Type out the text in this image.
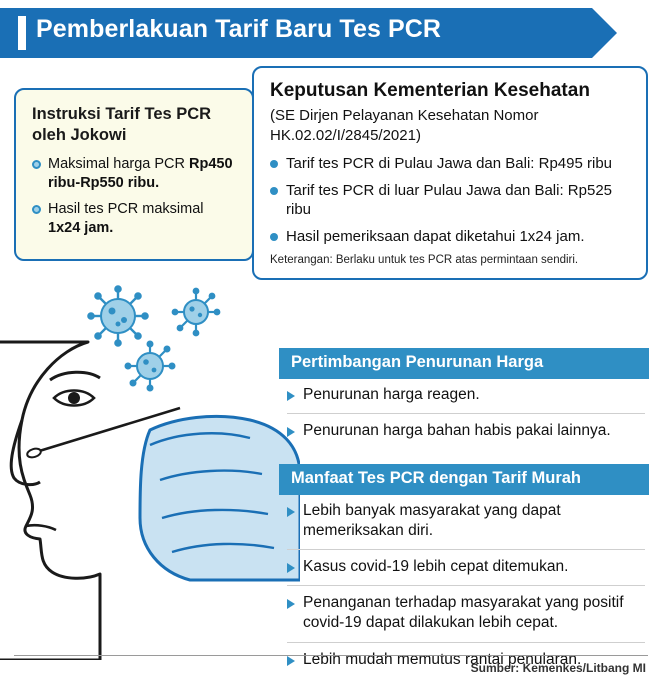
Pemberlakuan Tarif Baru Tes PCR
Instruksi Tarif Tes PCR oleh Jokowi
Maksimal harga PCR Rp450 ribu-Rp550 ribu.
Hasil tes PCR maksimal 1x24 jam.
Keputusan Kementerian Kesehatan
(SE Dirjen Pelayanan Kesehatan Nomor HK.02.02/I/2845/2021)
Tarif tes PCR di Pulau Jawa dan Bali: Rp495 ribu
Tarif tes PCR di luar Pulau Jawa dan Bali: Rp525 ribu
Hasil pemeriksaan dapat diketahui 1x24 jam.
Keterangan: Berlaku untuk tes PCR atas permintaan sendiri.
Pertimbangan Penurunan Harga
Penurunan harga reagen.
Penurunan harga bahan habis pakai lainnya.
Manfaat Tes PCR dengan Tarif Murah
Lebih banyak masyarakat yang dapat memeriksakan diri.
Kasus covid-19 lebih cepat ditemukan.
Penanganan terhadap masyarakat yang positif covid-19 dapat dilakukan lebih cepat.
Lebih mudah memutus rantai penularan.
Sumber: Kemenkes/Litbang MI
